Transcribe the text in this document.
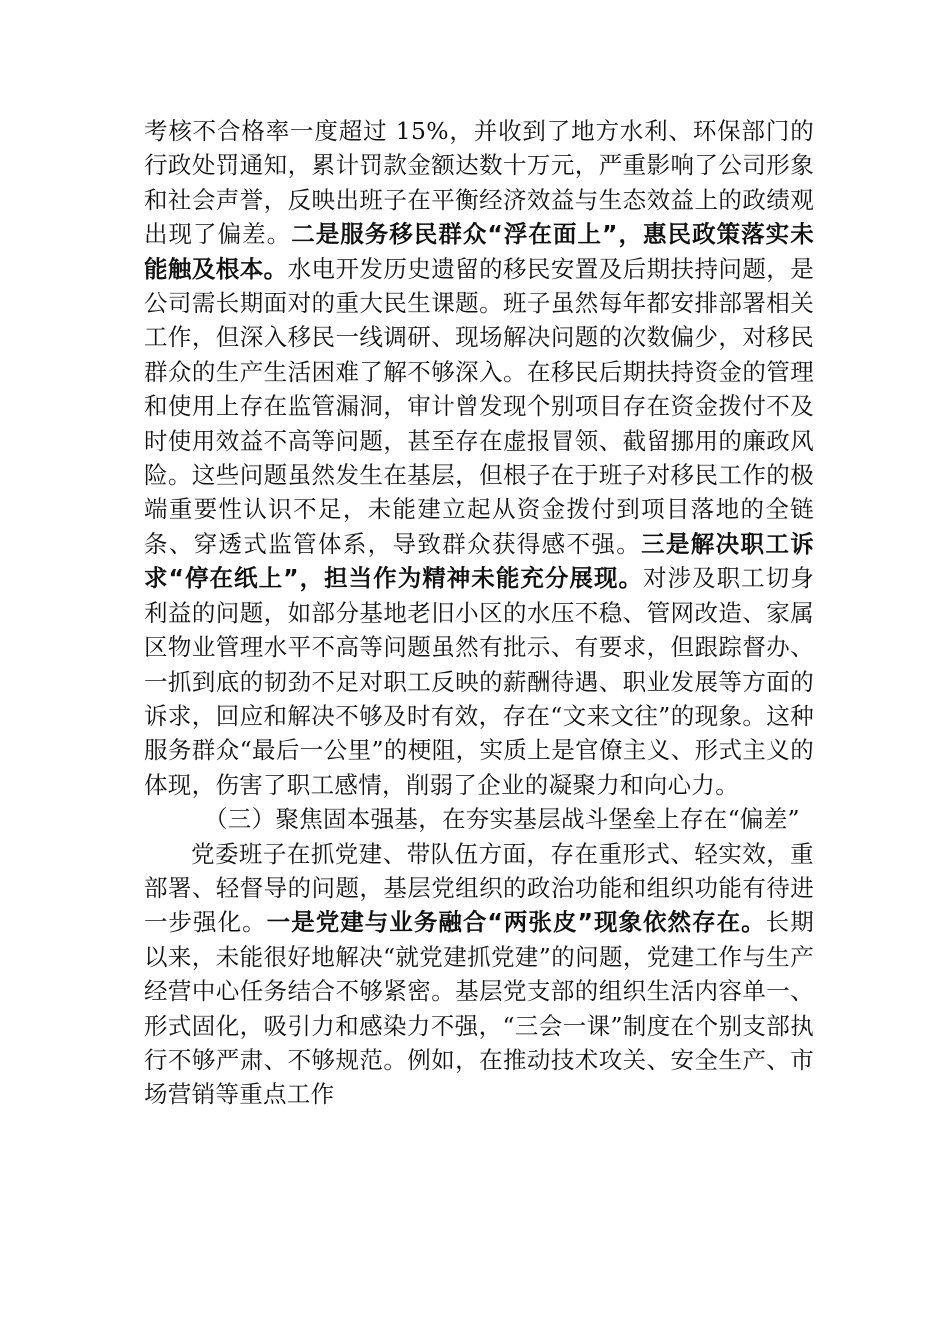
考核不合格率一度超过 15%，并收到了地方水利、环保部门的行政处罚通知，累计罚款金额达数十万元，严重影响了公司形象和社会声誉，反映出班子在平衡经济效益与生态效益上的政绩观出现了偏差。二是服务移民群众“浮在面上”，惠民政策落实未能触及根本。水电开发历史遗留的移民安置及后期扶持问题，是公司需长期面对的重大民生课题。班子虽然每年都安排部署相关工作，但深入移民一线调研、现场解决问题的次数偏少，对移民群众的生产生活困难了解不够深入。在移民后期扶持资金的管理和使用上存在监管漏洞，审计曾发现个别项目存在资金拨付不及时使用效益不高等问题，甚至存在虚报冒领、截留挪用的廉政风险。这些问题虽然发生在基层，但根子在于班子对移民工作的极端重要性认识不足，未能建立起从资金拨付到项目落地的全链条、穿透式监管体系，导致群众获得感不强。三是解决职工诉求“停在纸上”，担当作为精神未能充分展现。对涉及职工切身利益的问题，如部分基地老旧小区的水压不稳、管网改造、家属区物业管理水平不高等问题虽然有批示、有要求，但跟踪督办、一抓到底的韧劲不足对职工反映的薪酬待遇、职业发展等方面的诉求，回应和解决不够及时有效，存在“文来文往”的现象。这种服务群众“最后一公里”的梗阻，实质上是官僚主义、形式主义的体现，伤害了职工感情，削弱了企业的凝聚力和向心力。

（三）聚焦固本强基，在夯实基层战斗堡垒上存在“偏差”

党委班子在抓党建、带队伍方面，存在重形式、轻实效，重部署、轻督导的问题，基层党组织的政治功能和组织功能有待进一步强化。一是党建与业务融合“两张皮”现象依然存在。长期以来，未能很好地解决“就党建抓党建”的问题，党建工作与生产经营中心任务结合不够紧密。基层党支部的组织生活内容单一、形式固化，吸引力和感染力不强，“三会一课”制度在个别支部执行不够严肃、不够规范。例如，在推动技术攻关、安全生产、市场营销等重点工作
